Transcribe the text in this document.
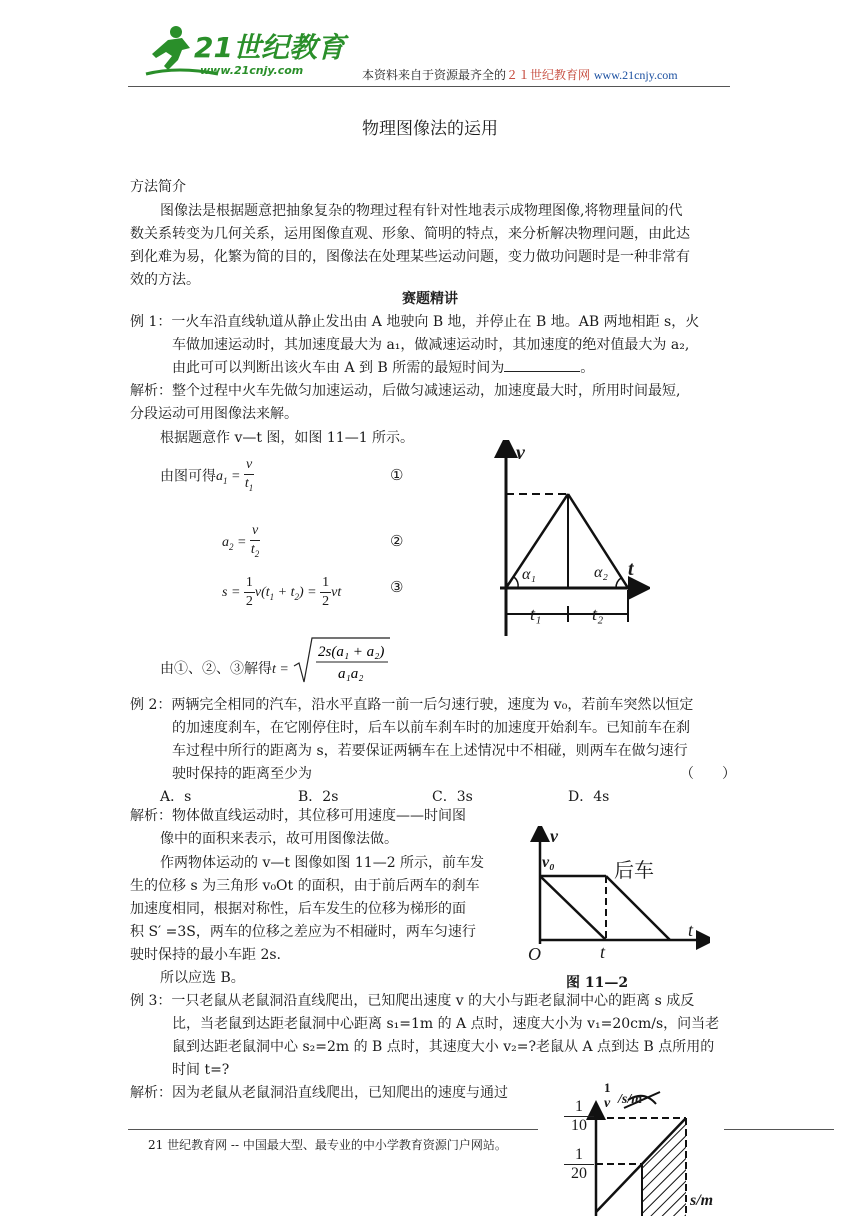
21世纪教育
www.21cnjy.com	本资料来自于资源最齐全的２１世纪教育网 www.21cnjy.com
物理图像法的运用
方法简介
图像法是根据题意把抽象复杂的物理过程有针对性地表示成物理图像,将物理量间的代
数关系转变为几何关系，运用图像直观、形象、简明的特点，来分析解决物理问题，由此达
到化难为易，化繁为简的目的，图像法在处理某些运动问题，变力做功问题时是一种非常有
效的方法。
赛题精讲
例 1：一火车沿直线轨道从静止发出由 A 地驶向 B 地，并停止在 B 地。AB 两地相距 s，火
车做加速运动时，其加速度最大为 a₁，做减速运动时，其加速度的绝对值最大为 a₂,
由此可可以判断出该火车由 A 到 B 所需的最短时间为	。
解析：整个过程中火车先做匀加速运动，后做匀减速运动，加速度最大时，所用时间最短,
分段运动可用图像法来解。
根据题意作 v—t 图，如图 11—1 所示。
由图可得$a_1 = \frac{v}{t_1}$	①
$a_2 = \frac{v}{t_2}$	②
$s = \frac{1}{2} v(t_1 + t_2) = \frac{1}{2}$ vt	③
由①、②、③解得t =
2s(a₁ + a₂)
a₁a₂
v
t
α₁	α₂
t₁	t₂
例 2：两辆完全相同的汽车，沿水平直路一前一后匀速行驶，速度为 v₀，若前车突然以恒定
的加速度刹车，在它刚停住时，后车以前车刹车时的加速度开始刹车。已知前车在刹
车过程中所行的距离为 s，若要保证两辆车在上述情况中不相碰，则两车在做匀速行
驶时保持的距离至少为	（　　）
A．s	B．2s	C．3s	D．4s
解析：物体做直线运动时，其位移可用速度——时间图
像中的面积来表示，故可用图像法做。
作两物体运动的 v—t 图像如图 11—2 所示，前车发
生的位移 s 为三角形 v₀Ot 的面积，由于前后两车的刹车
加速度相同，根据对称性，后车发生的位移为梯形的面
积 S′ =3S，两车的位移之差应为不相碰时，两车匀速行
驶时保持的最小车距 2s.
所以应选 B。
v
v₀	后车
O	t
t
图 11—2
例 3：一只老鼠从老鼠洞沿直线爬出，已知爬出速度 v 的大小与距老鼠洞中心的距离 s 成反
比，当老鼠到达距老鼠洞中心距离 s₁=1m 的 A 点时，速度大小为 v₁=20cm/s，问当老
鼠到达距老鼠洞中心 s₂=2m 的 B 点时，其速度大小 v₂=?老鼠从 A 点到达 B 点所用的
时间 t=?
解析：因为老鼠从老鼠洞沿直线爬出，已知爬出的速度与通过	1
v /s/m
$\frac{1}{10}$
$\frac{1}{20}$
s/m
21 世纪教育网 -- 中国最大型、最专业的中小学教育资源门户网站。
